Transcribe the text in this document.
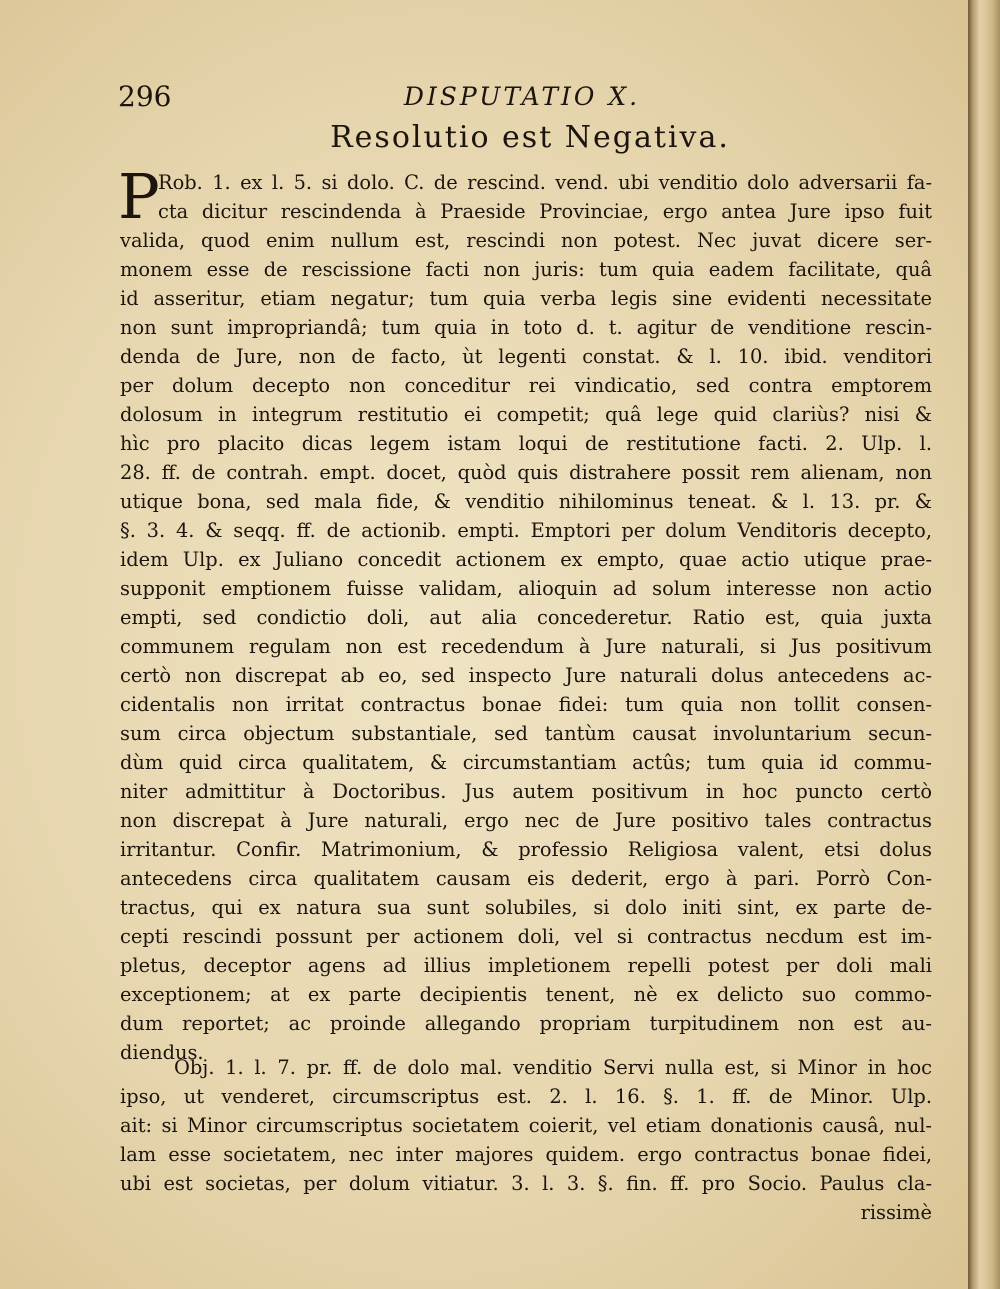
296	DISPUTATIO X.
Resolutio est Negativa.
P
Rob. 1. ex l. 5. si dolo. C. de rescind. vend. ubi venditio dolo adversarii fa-
cta dicitur rescindenda à Praeside Provinciae, ergo antea Jure ipso fuit
valida, quod enim nullum est, rescindi non potest. Nec juvat dicere ser-
monem esse de rescissione facti non juris: tum quia eadem facilitate, quâ
id asseritur, etiam negatur; tum quia verba legis sine evidenti necessitate
non sunt impropriandâ; tum quia in toto d. t. agitur de venditione rescin-
denda de Jure, non de facto, ùt legenti constat. & l. 10. ibid. venditori
per dolum decepto non conceditur rei vindicatio, sed contra emptorem
dolosum in integrum restitutio ei competit; quâ lege quid clariùs? nisi &
hìc pro placito dicas legem istam loqui de restitutione facti. 2. Ulp. l.
28. ff. de contrah. empt. docet, quòd quis distrahere possit rem alienam, non
utique bona, sed mala fide, & venditio nihilominus teneat. & l. 13. pr. &
§. 3. 4. & seqq. ff. de actionib. empti. Emptori per dolum Venditoris decepto,
idem Ulp. ex Juliano concedit actionem ex empto, quae actio utique prae-
supponit emptionem fuisse validam, alioquin ad solum interesse non actio
empti, sed condictio doli, aut alia concederetur. Ratio est, quia juxta
communem regulam non est recedendum à Jure naturali, si Jus positivum
certò non discrepat ab eo, sed inspecto Jure naturali dolus antecedens ac-
cidentalis non irritat contractus bonae fidei: tum quia non tollit consen-
sum circa objectum substantiale, sed tantùm causat involuntarium secun-
dùm quid circa qualitatem, & circumstantiam actûs; tum quia id commu-
niter admittitur à Doctoribus. Jus autem positivum in hoc puncto certò
non discrepat à Jure naturali, ergo nec de Jure positivo tales contractus
irritantur. Confir. Matrimonium, & professio Religiosa valent, etsi dolus
antecedens circa qualitatem causam eis dederit, ergo à pari. Porrò Con-
tractus, qui ex natura sua sunt solubiles, si dolo initi sint, ex parte de-
cepti rescindi possunt per actionem doli, vel si contractus necdum est im-
pletus, deceptor agens ad illius impletionem repelli potest per doli mali
exceptionem; at ex parte decipientis tenent, nè ex delicto suo commo-
dum reportet; ac proinde allegando propriam turpitudinem non est au-
diendus.
Obj. 1. l. 7. pr. ff. de dolo mal. venditio Servi nulla est, si Minor in hoc
ipso, ut venderet, circumscriptus est. 2. l. 16. §. 1. ff. de Minor. Ulp.
ait: si Minor circumscriptus societatem coierit, vel etiam donationis causâ, nul-
lam esse societatem, nec inter majores quidem. ergo contractus bonae fidei,
ubi est societas, per dolum vitiatur. 3. l. 3. §. fin. ff. pro Socio. Paulus cla-
rissimè
